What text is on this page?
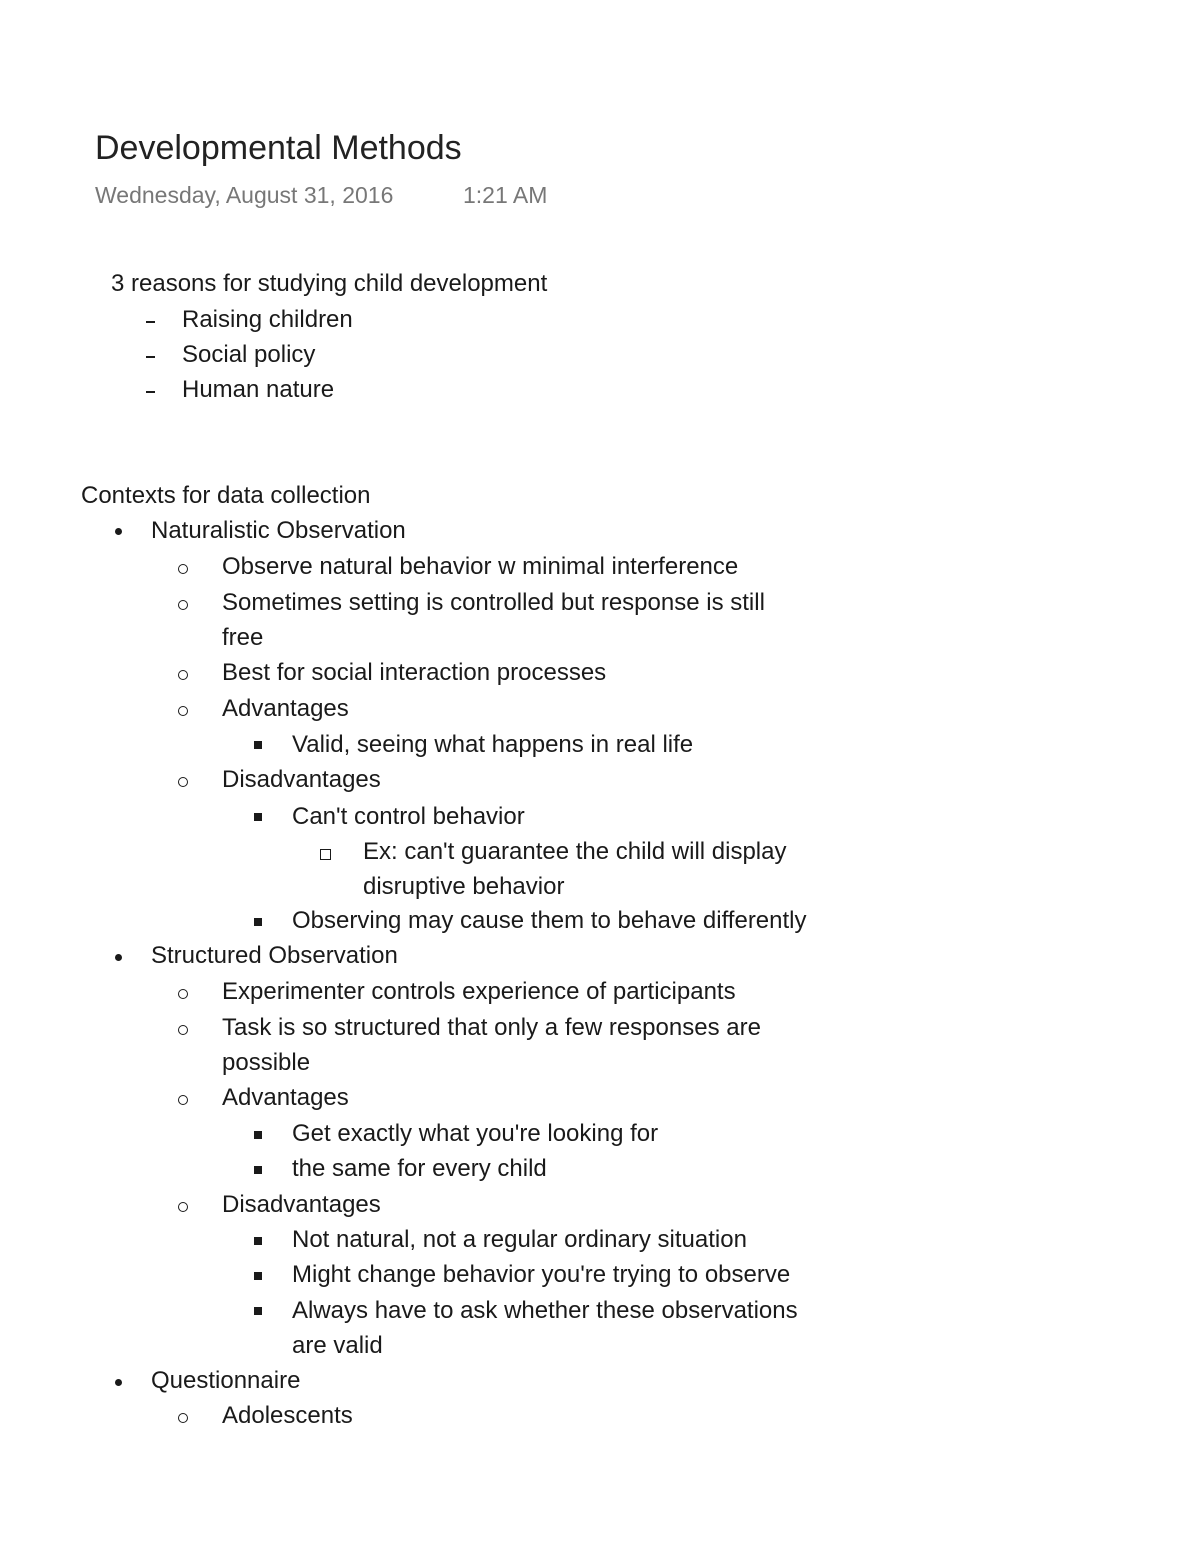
Developmental Methods
Wednesday, August 31, 2016	1:21 AM
3 reasons for studying child development
Raising children
Social policy
Human nature
Contexts for data collection
Naturalistic Observation
Observe natural behavior w minimal interference
Sometimes setting is controlled but response is still
free
Best for social interaction processes
Advantages
Valid, seeing what happens in real life
Disadvantages
Can't control behavior
Ex: can't guarantee the child will display
disruptive behavior
Observing may cause them to behave differently
Structured Observation
Experimenter controls experience of participants
Task is so structured that only a few responses are
possible
Advantages
Get exactly what you're looking for
the same for every child
Disadvantages
Not natural, not a regular ordinary situation
Might change behavior you're trying to observe
Always have to ask whether these observations
are valid
Questionnaire
Adolescents
